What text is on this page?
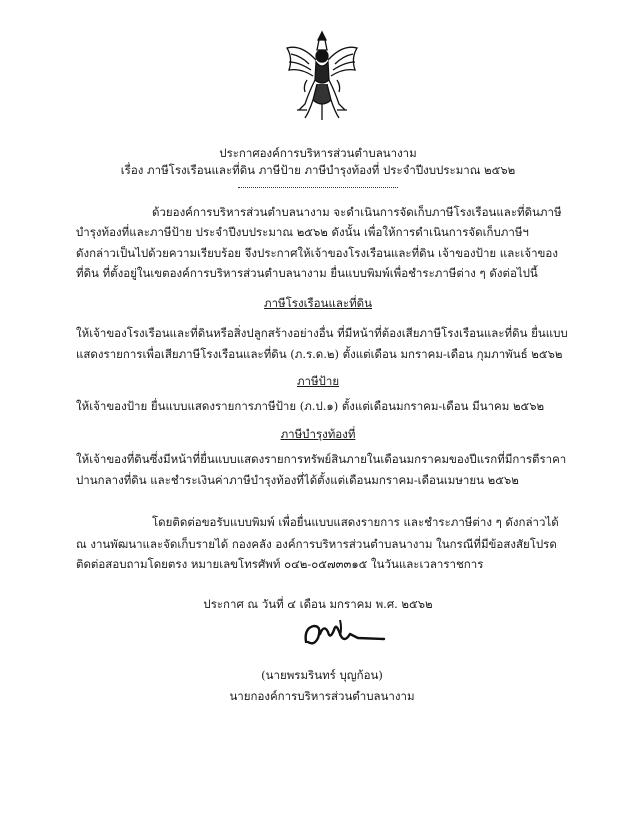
ประกาศองค์การบริหารส่วนตำบลนางาม
เรื่อง ภาษีโรงเรือนและที่ดิน ภาษีป้าย ภาษีบำรุงท้องที่ ประจำปีงบประมาณ ๒๕๖๒
ด้วยองค์การบริหารส่วนตำบลนางาม จะดำเนินการจัดเก็บภาษีโรงเรือนและที่ดินภาษี
บำรุงท้องที่และภาษีป้าย ประจำปีงบประมาณ ๒๕๖๒ ดังนั้น เพื่อให้การดำเนินการจัดเก็บภาษีฯ
ดังกล่าวเป็นไปด้วยความเรียบร้อย จึงประกาศให้เจ้าของโรงเรือนและที่ดิน เจ้าของป้าย และเจ้าของ
ที่ดิน ที่ตั้งอยู่ในเขตองค์การบริหารส่วนตำบลนางาม ยื่นแบบพิมพ์เพื่อชำระภาษีต่าง ๆ ดังต่อไปนี้
ภาษีโรงเรือนและที่ดิน
ให้เจ้าของโรงเรือนและที่ดินหรือสิ่งปลูกสร้างอย่างอื่น ที่มีหน้าที่ต้องเสียภาษีโรงเรือนและที่ดิน ยื่นแบบ
แสดงรายการเพื่อเสียภาษีโรงเรือนและที่ดิน (ภ.ร.ด.๒) ตั้งแต่เดือน มกราคม-เดือน กุมภาพันธ์ ๒๕๖๒
ภาษีป้าย
ให้เจ้าของป้าย ยื่นแบบแสดงรายการภาษีป้าย (ภ.ป.๑) ตั้งแต่เดือนมกราคม-เดือน มีนาคม ๒๕๖๒
ภาษีบำรุงท้องที่
ให้เจ้าของที่ดินซึ่งมีหน้าที่ยื่นแบบแสดงรายการทรัพย์สินภายในเดือนมกราคมของปีแรกที่มีการตีราคา
ปานกลางที่ดิน และชำระเงินค่าภาษีบำรุงท้องที่ได้ตั้งแต่เดือนมกราคม-เดือนเมษายน ๒๕๖๒
โดยติดต่อขอรับแบบพิมพ์ เพื่อยื่นแบบแสดงรายการ และชำระภาษีต่าง ๆ ดังกล่าวได้
ณ งานพัฒนาและจัดเก็บรายได้ กองคลัง องค์การบริหารส่วนตำบลนางาม ในกรณีที่มีข้อสงสัยโปรด
ติดต่อสอบถามโดยตรง หมายเลขโทรศัพท์ ๐๔๒-๐๕๗๓๓๑๕ ในวันและเวลาราชการ
ประกาศ ณ วันที่ ๔ เดือน มกราคม พ.ศ. ๒๕๖๒
(นายพรมรินทร์ บุญก้อน)
นายกองค์การบริหารส่วนตำบลนางาม
